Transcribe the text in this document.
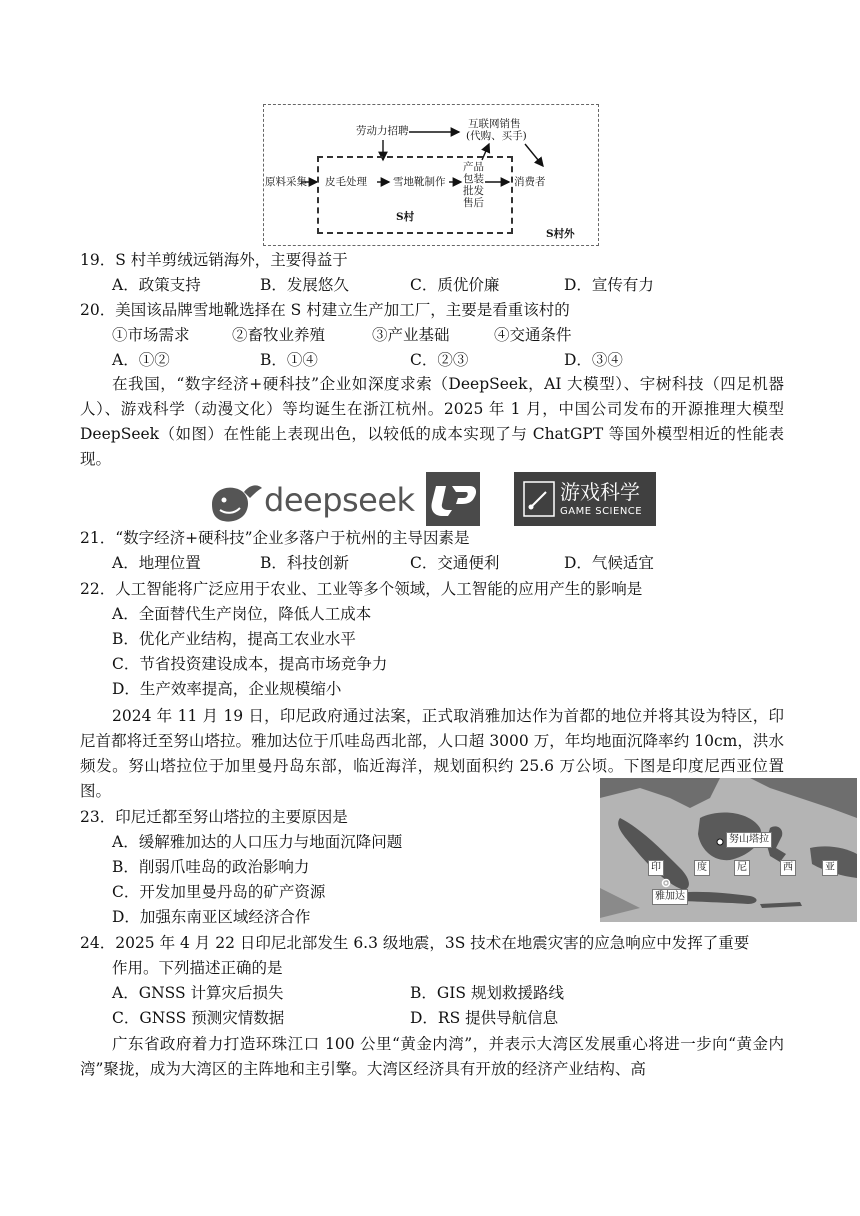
劳动力招聘
互联网销售
(代购、买手)
原料采集 皮毛处理 雪地靴制作
产品
包装
批发
售后
消费者
S村
S村外
19．S 村羊剪绒远销海外，主要得益于
A．政策支持	B．发展悠久	C．质优价廉	D．宣传有力
20．美国该品牌雪地靴选择在 S 村建立生产加工厂，主要是看重该村的
①市场需求	②畜牧业养殖	③产业基础	④交通条件
A．①②	B．①④	C．②③	D．③④
在我国，“数字经济+硬科技”企业如深度求索（DeepSeek，AI 大模型）、宇树科技（四足机器人）、游戏科学（动漫文化）等均诞生在浙江杭州。2025 年 1 月，中国公司发布的开源推理大模型 DeepSeek（如图）在性能上表现出色，以较低的成本实现了与 ChatGPT 等国外模型相近的性能表现。
deepseek	游戏科学
GAME SCIENCE
21．“数字经济+硬科技”企业多落户于杭州的主导因素是
A．地理位置	B．科技创新	C．交通便利	D．气候适宜
22．人工智能将广泛应用于农业、工业等多个领域，人工智能的应用产生的影响是
A．全面替代生产岗位，降低人工成本
B．优化产业结构，提高工农业水平
C．节省投资建设成本，提高市场竞争力
D．生产效率提高，企业规模缩小
2024 年 11 月 19 日，印尼政府通过法案，正式取消雅加达作为首都的地位并将其设为特区，印尼首都将迁至努山塔拉。雅加达位于爪哇岛西北部，人口超 3000 万，年均地面沉降率约 10cm，洪水频发。努山塔拉位于加里曼丹岛东部，临近海洋，规划面积约 25.6 万公顷。下图是印度尼西亚位置图。
努山塔拉
雅加达
印	度	尼	西	亚
23．印尼迁都至努山塔拉的主要原因是
A．缓解雅加达的人口压力与地面沉降问题
B．削弱爪哇岛的政治影响力
C．开发加里曼丹岛的矿产资源
D．加强东南亚区域经济合作
24．2025 年 4 月 22 日印尼北部发生 6.3 级地震，3S 技术在地震灾害的应急响应中发挥了重要
作用。下列描述正确的是
A．GNSS 计算灾后损失	B．GIS 规划救援路线
C．GNSS 预测灾情数据	D．RS 提供导航信息
广东省政府着力打造环珠江口 100 公里“黄金内湾”，并表示大湾区发展重心将进一步向“黄金内湾”聚拢，成为大湾区的主阵地和主引擎。大湾区经济具有开放的经济产业结构、高
